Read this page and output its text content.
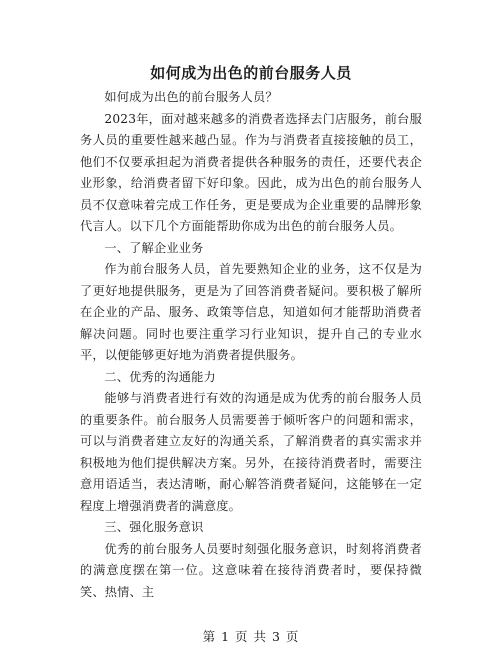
如何成为出色的前台服务人员

如何成为出色的前台服务人员？

2023年，面对越来越多的消费者选择去门店服务，前台服务人员的重要性越来越凸显。作为与消费者直接接触的员工，他们不仅要承担起为消费者提供各种服务的责任，还要代表企业形象，给消费者留下好印象。因此，成为出色的前台服务人员不仅意味着完成工作任务，更是要成为企业重要的品牌形象代言人。以下几个方面能帮助你成为出色的前台服务人员。

一、了解企业业务

作为前台服务人员，首先要熟知企业的业务，这不仅是为了更好地提供服务，更是为了回答消费者疑问。要积极了解所在企业的产品、服务、政策等信息，知道如何才能帮助消费者解决问题。同时也要注重学习行业知识，提升自己的专业水平，以便能够更好地为消费者提供服务。

二、优秀的沟通能力

能够与消费者进行有效的沟通是成为优秀的前台服务人员的重要条件。前台服务人员需要善于倾听客户的问题和需求，可以与消费者建立友好的沟通关系，了解消费者的真实需求并积极地为他们提供解决方案。另外，在接待消费者时，需要注意用语适当，表达清晰，耐心解答消费者疑问，这能够在一定程度上增强消费者的满意度。

三、强化服务意识

优秀的前台服务人员要时刻强化服务意识，时刻将消费者的满意度摆在第一位。这意味着在接待消费者时，要保持微笑、热情、主

第 1 页 共 3 页
